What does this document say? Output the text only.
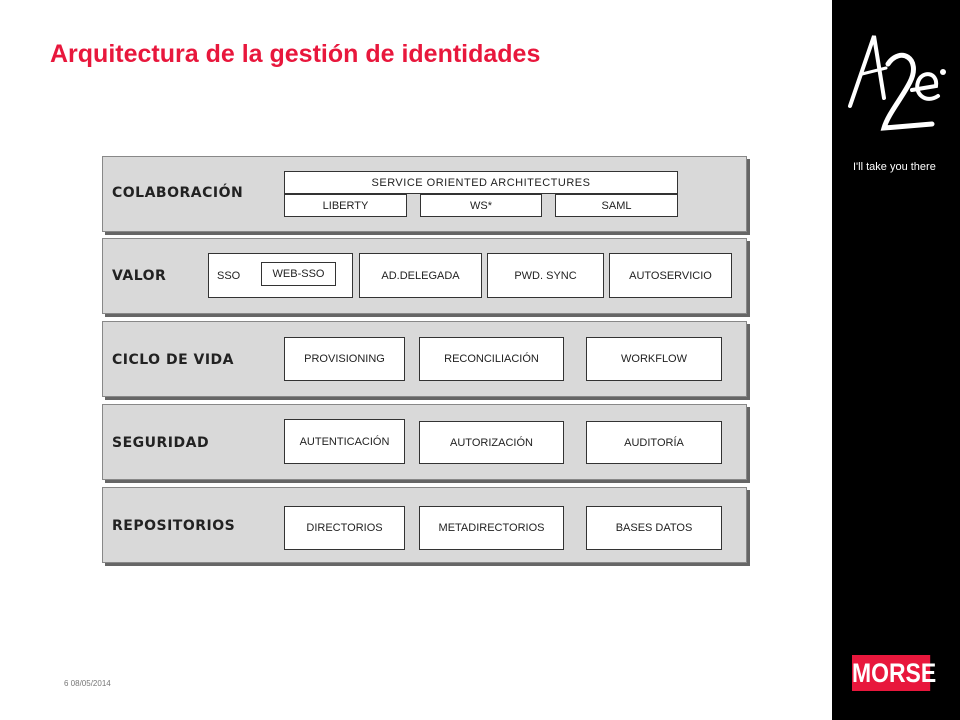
Arquitectura de la gestión de identidades
I'll take you there
MORSE
COLABORACIÓN
SERVICE ORIENTED ARCHITECTURES
LIBERTY	WS*	SAML
VALOR	SSO	WEB-SSO	AD.DELEGADA	PWD. SYNC	AUTOSERVICIO
CICLO DE VIDA	PROVISIONING	RECONCILIACIÓN	WORKFLOW
SEGURIDAD	AUTENTICACIÓN	AUTORIZACIÓN	AUDITORÍA
REPOSITORIOS	DIRECTORIOS	METADIRECTORIOS	BASES DATOS
6 08/05/2014
